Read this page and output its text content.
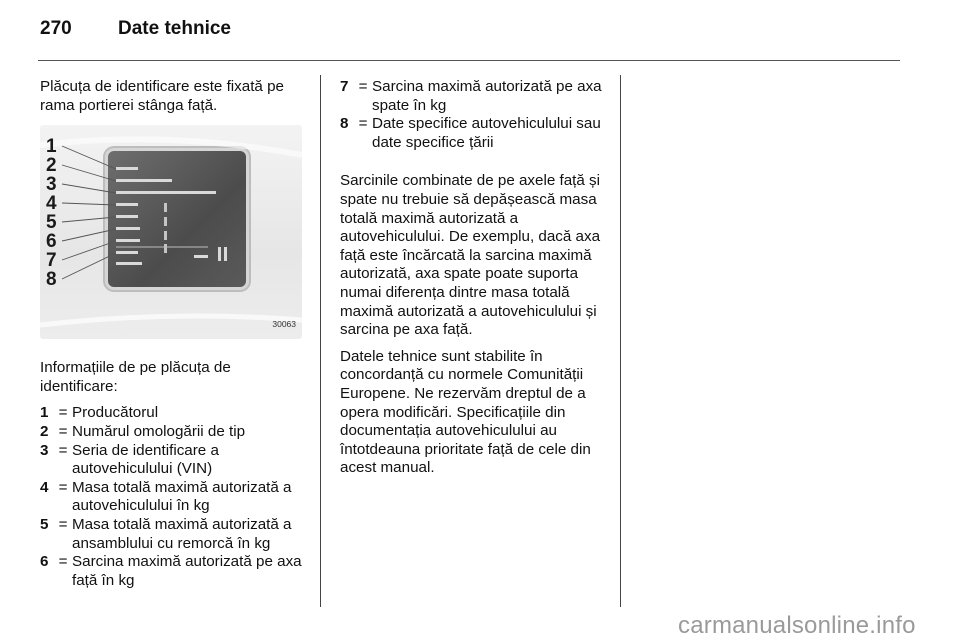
270	Date tehnice

Plăcuța de identificare este fixată pe rama portierei stânga față.

1
2
3
4
5
6
7
8
30063

Informațiile de pe plăcuța de identificare:

1 = Producătorul
2 = Numărul omologării de tip
3 = Seria de identificare a autovehiculului (VIN)
4 = Masa totală maximă autorizată a autovehiculului în kg
5 = Masa totală maximă autorizată a ansamblului cu remorcă în kg
6 = Sarcina maximă autorizată pe axa față în kg
7 = Sarcina maximă autorizată pe axa spate în kg
8 = Date specifice autovehiculului sau date specifice țării

Sarcinile combinate de pe axele față și spate nu trebuie să depășească masa totală maximă autorizată a autovehiculului. De exemplu, dacă axa față este încărcată la sarcina maximă autorizată, axa spate poate suporta numai diferența dintre masa totală maximă autorizată a autovehiculului și sarcina pe axa față.

Datele tehnice sunt stabilite în concordanță cu normele Comunității Europene. Ne rezervăm dreptul de a opera modificări. Specificațiile din documentația autovehiculului au întotdeauna prioritate față de cele din acest manual.

carmanualsonline.info
